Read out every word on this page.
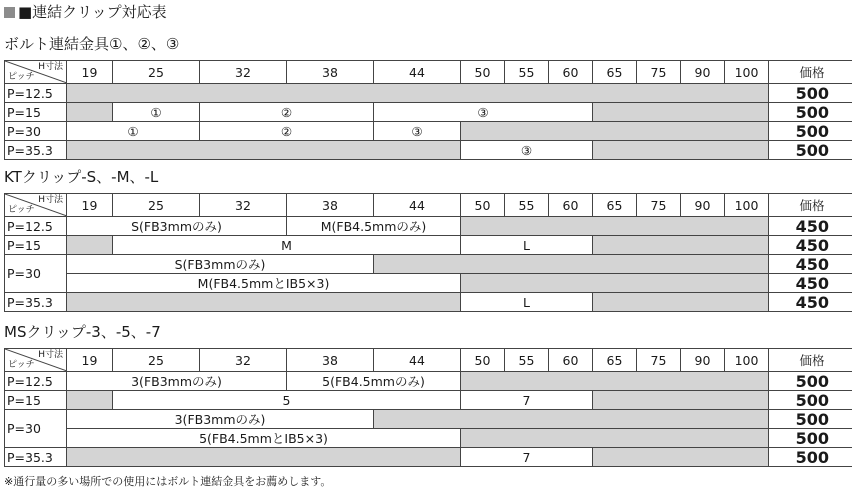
■連結クリップ対応表
ボルト連結金具①、②、③
H寸法
ピッチ	19	25	32	38	44	50	55	60	65	75	90	100	価格
P=12.5													500
P=15		①	②		③								500
P=30	①		②		③								500
P=35.3						③							500
KTクリップ-S、-M、-L
H寸法
ピッチ	19	25	32	38	44	50	55	60	65	75	90	100	価格
P=12.5	S(FB3mmのみ)			M(FB4.5mmのみ)									450
P=15		M				L							450
P=30	S(FB3mmのみ)												450
	M(FB4.5mmとIB5×3)												450
P=35.3						L							450
MSクリップ-3、-5、-7
H寸法
ピッチ	19	25	32	38	44	50	55	60	65	75	90	100	価格
P=12.5	3(FB3mmのみ)			5(FB4.5mmのみ)									500
P=15		5				7							500
P=30	3(FB3mmのみ)												500
	5(FB4.5mmとIB5×3)												500
P=35.3						7							500
※通行量の多い場所での使用にはボルト連結金具をお薦めします。
